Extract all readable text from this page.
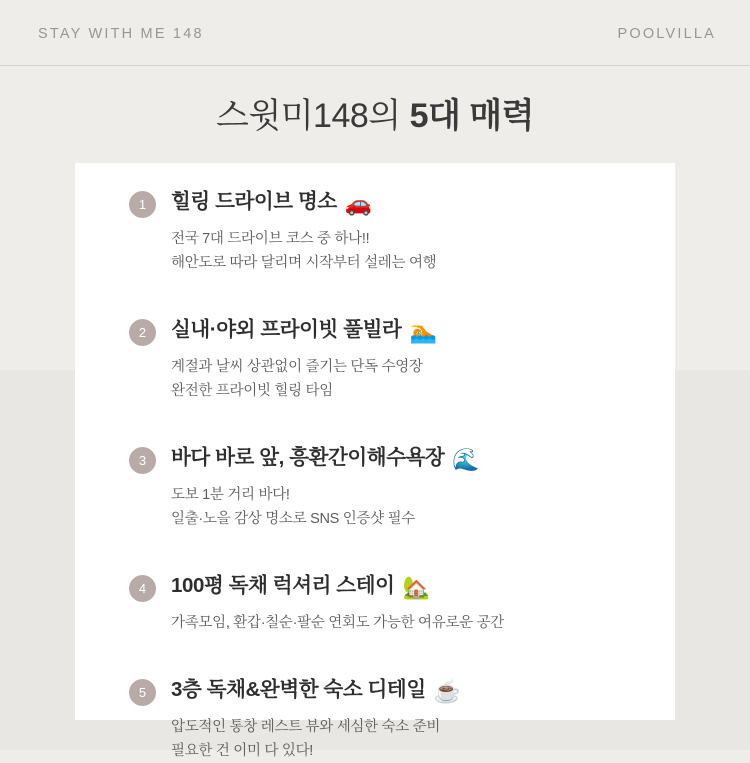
STAY WITH ME 148	POOLVILLA
스윗미148의 5대 매력
1	힐링 드라이브 명소 🚗
전국 7대 드라이브 코스 중 하나!!
해안도로 따라 달리며 시작부터 설레는 여행
2	실내·야외 프라이빗 풀빌라 🏊
계절과 날씨 상관없이 즐기는 단독 수영장
완전한 프라이빗 힐링 타임
3	바다 바로 앞, 흥환간이해수욕장 🌊
도보 1분 거리 바다!
일출·노을 감상 명소로 SNS 인증샷 필수
4	100평 독채 럭셔리 스테이 🏡
가족모임, 환갑·칠순·팔순 연회도 가능한 여유로운 공간
5	3층 독채&완벽한 숙소 디테일 ☕
압도적인 통창 레스트 뷰와 세심한 숙소 준비
필요한 건 이미 다 있다!
